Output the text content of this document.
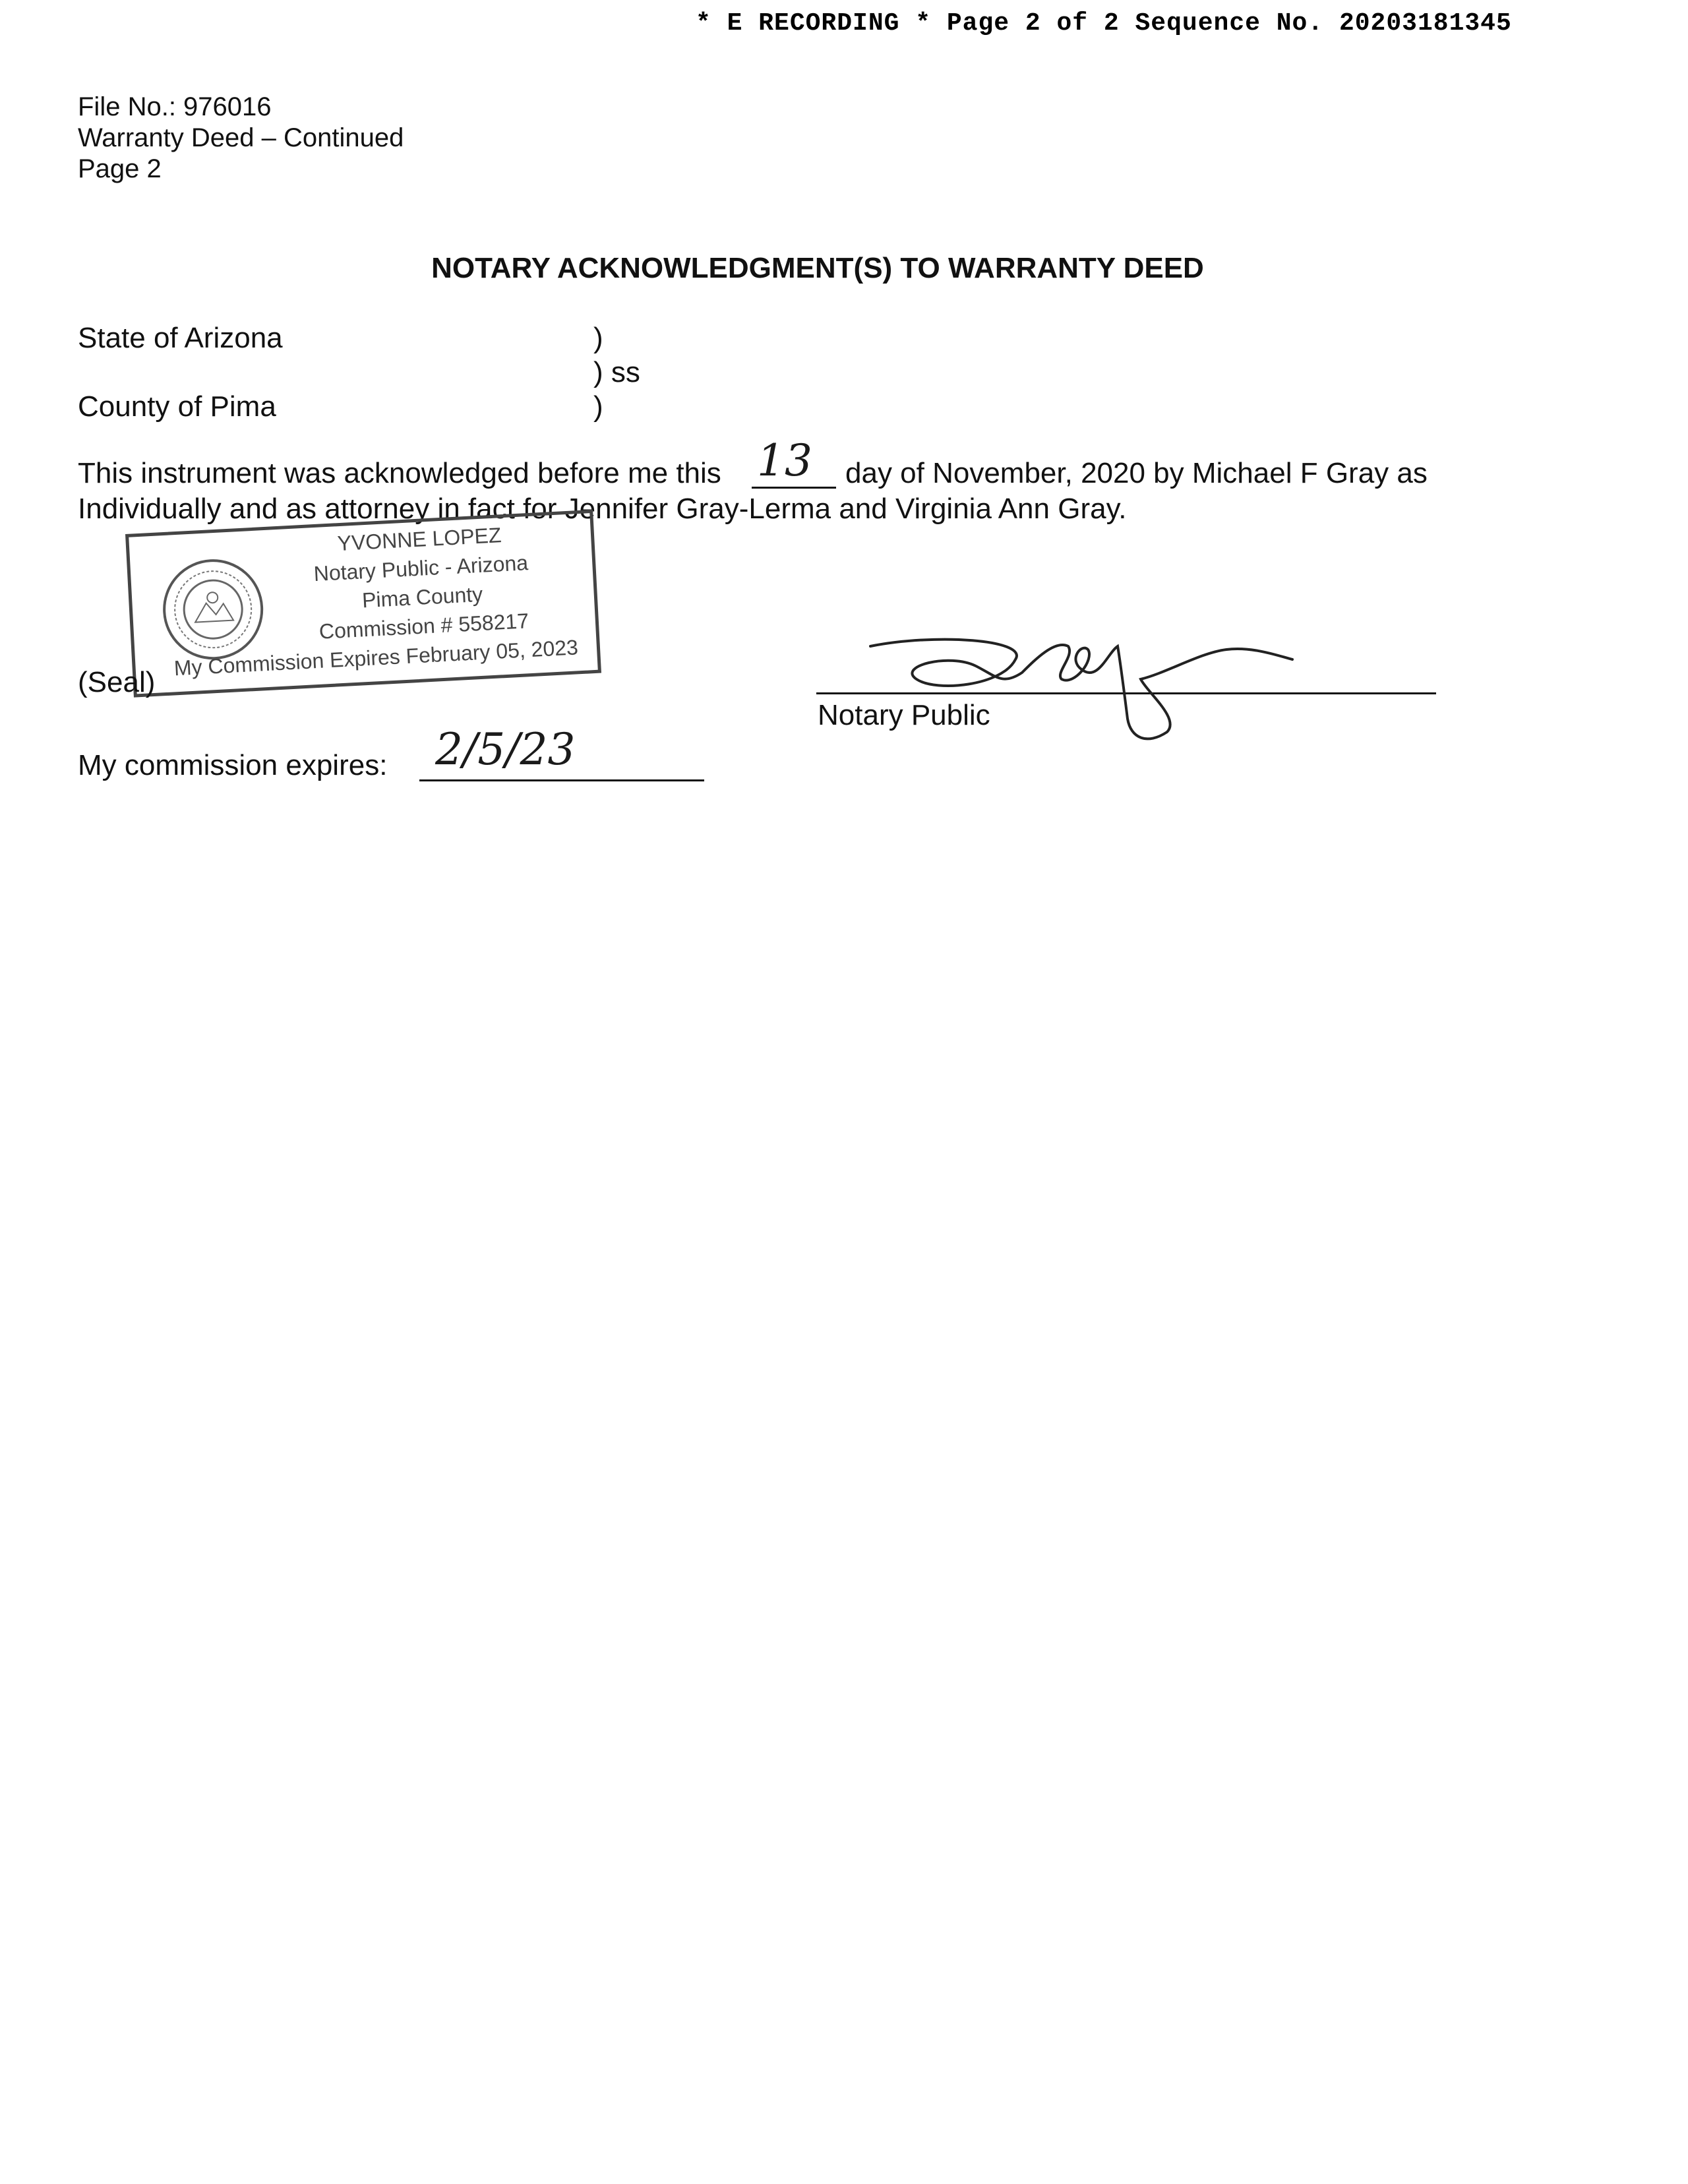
* E RECORDING * Page 2 of 2 Sequence No. 20203181345
File No.: 976016
Warranty Deed – Continued
Page 2
NOTARY ACKNOWLEDGMENT(S) TO WARRANTY DEED
State of Arizona
County of Pima
)
) ss
)
This instrument was acknowledged before me this 13 day of November, 2020 by Michael F Gray as
Individually and as attorney in fact for Jennifer Gray-Lerma and Virginia Ann Gray.
YVONNE LOPEZ
Notary Public - Arizona
Pima County
Commission # 558217
My Commission Expires February 05, 2023
(Seal)
Notary Public
My commission expires: 2/5/23
